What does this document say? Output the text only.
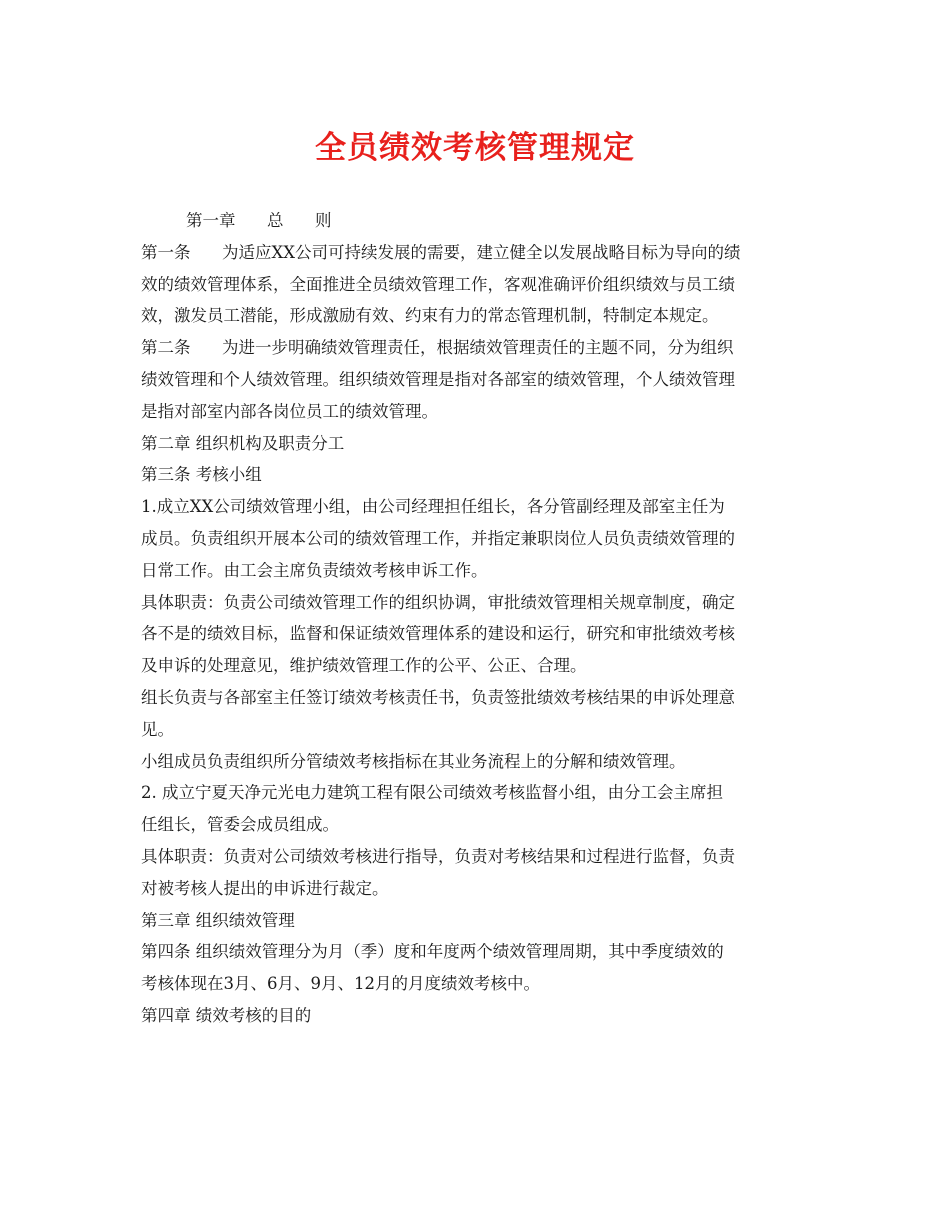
全员绩效考核管理规定
第一章      总      则
第一条      为适应XX公司可持续发展的需要，建立健全以发展战略目标为导向的绩
效的绩效管理体系，全面推进全员绩效管理工作，客观准确评价组织绩效与员工绩
效，激发员工潜能，形成激励有效、约束有力的常态管理机制，特制定本规定。
第二条      为进一步明确绩效管理责任，根据绩效管理责任的主题不同，分为组织
绩效管理和个人绩效管理。组织绩效管理是指对各部室的绩效管理，个人绩效管理
是指对部室内部各岗位员工的绩效管理。
第二章 组织机构及职责分工
第三条 考核小组
1.成立XX公司绩效管理小组，由公司经理担任组长，各分管副经理及部室主任为
成员。负责组织开展本公司的绩效管理工作，并指定兼职岗位人员负责绩效管理的
日常工作。由工会主席负责绩效考核申诉工作。
具体职责：负责公司绩效管理工作的组织协调，审批绩效管理相关规章制度，确定
各不是的绩效目标，监督和保证绩效管理体系的建设和运行，研究和审批绩效考核
及申诉的处理意见，维护绩效管理工作的公平、公正、合理。
组长负责与各部室主任签订绩效考核责任书，负责签批绩效考核结果的申诉处理意
见。
小组成员负责组织所分管绩效考核指标在其业务流程上的分解和绩效管理。
2. 成立宁夏天净元光电力建筑工程有限公司绩效考核监督小组，由分工会主席担
任组长，管委会成员组成。
具体职责：负责对公司绩效考核进行指导，负责对考核结果和过程进行监督，负责
对被考核人提出的申诉进行裁定。
第三章 组织绩效管理
第四条 组织绩效管理分为月（季）度和年度两个绩效管理周期，其中季度绩效的
考核体现在3月、6月、9月、12月的月度绩效考核中。
第四章 绩效考核的目的
